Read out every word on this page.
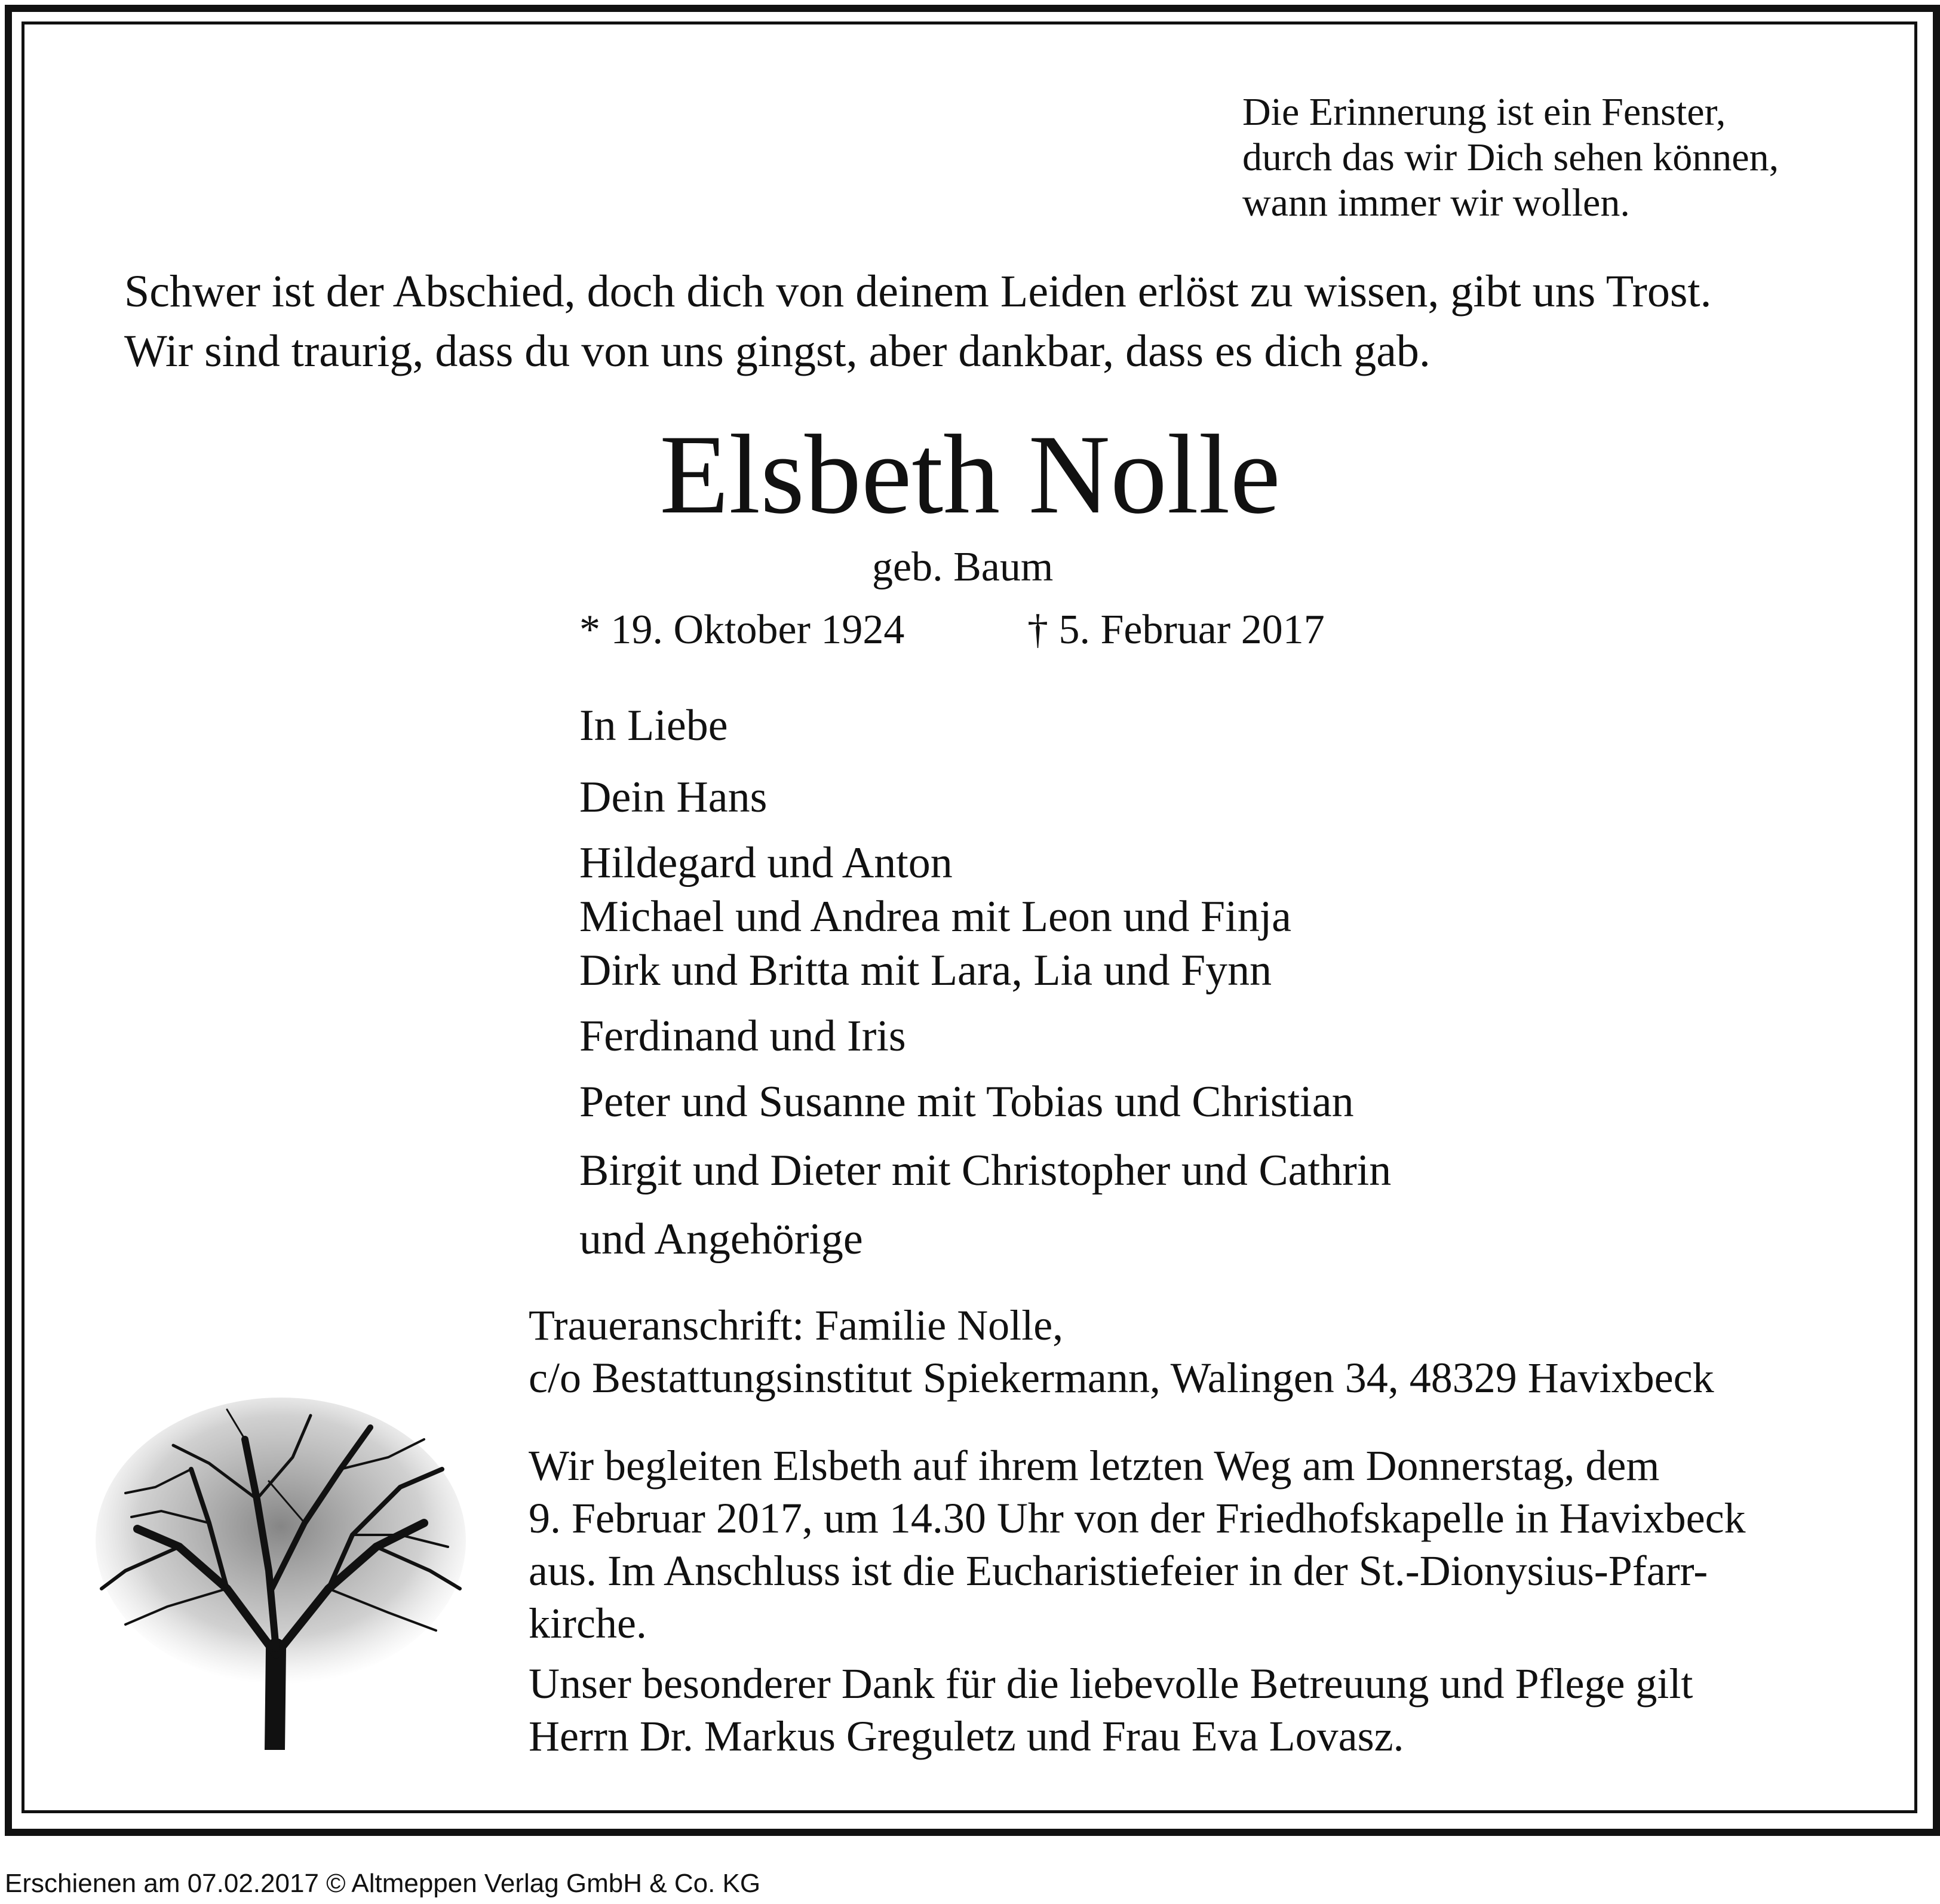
Die Erinnerung ist ein Fenster,
durch das wir Dich sehen können,
wann immer wir wollen.
Schwer ist der Abschied, doch dich von deinem Leiden erlöst zu wissen, gibt uns Trost.
Wir sind traurig, dass du von uns gingst, aber dankbar, dass es dich gab.
Elsbeth Nolle
geb. Baum
* 19. Oktober 1924	† 5. Februar 2017
In Liebe
Dein Hans
Hildegard und Anton
Michael und Andrea mit Leon und Finja
Dirk und Britta mit Lara, Lia und Fynn
Ferdinand und Iris
Peter und Susanne mit Tobias und Christian
Birgit und Dieter mit Christopher und Cathrin
und Angehörige
Traueranschrift: Familie Nolle,
c/o Bestattungsinstitut Spiekermann, Walingen 34, 48329 Havixbeck
Wir begleiten Elsbeth auf ihrem letzten Weg am Donnerstag, dem
9. Februar 2017, um 14.30 Uhr von der Friedhofskapelle in Havixbeck
aus. Im Anschluss ist die Eucharistiefeier in der St.-Dionysius-Pfarr-
kirche.
Unser besonderer Dank für die liebevolle Betreuung und Pflege gilt
Herrn Dr. Markus Greguletz und Frau Eva Lovasz.
Erschienen am 07.02.2017 © Altmeppen Verlag GmbH & Co. KG
